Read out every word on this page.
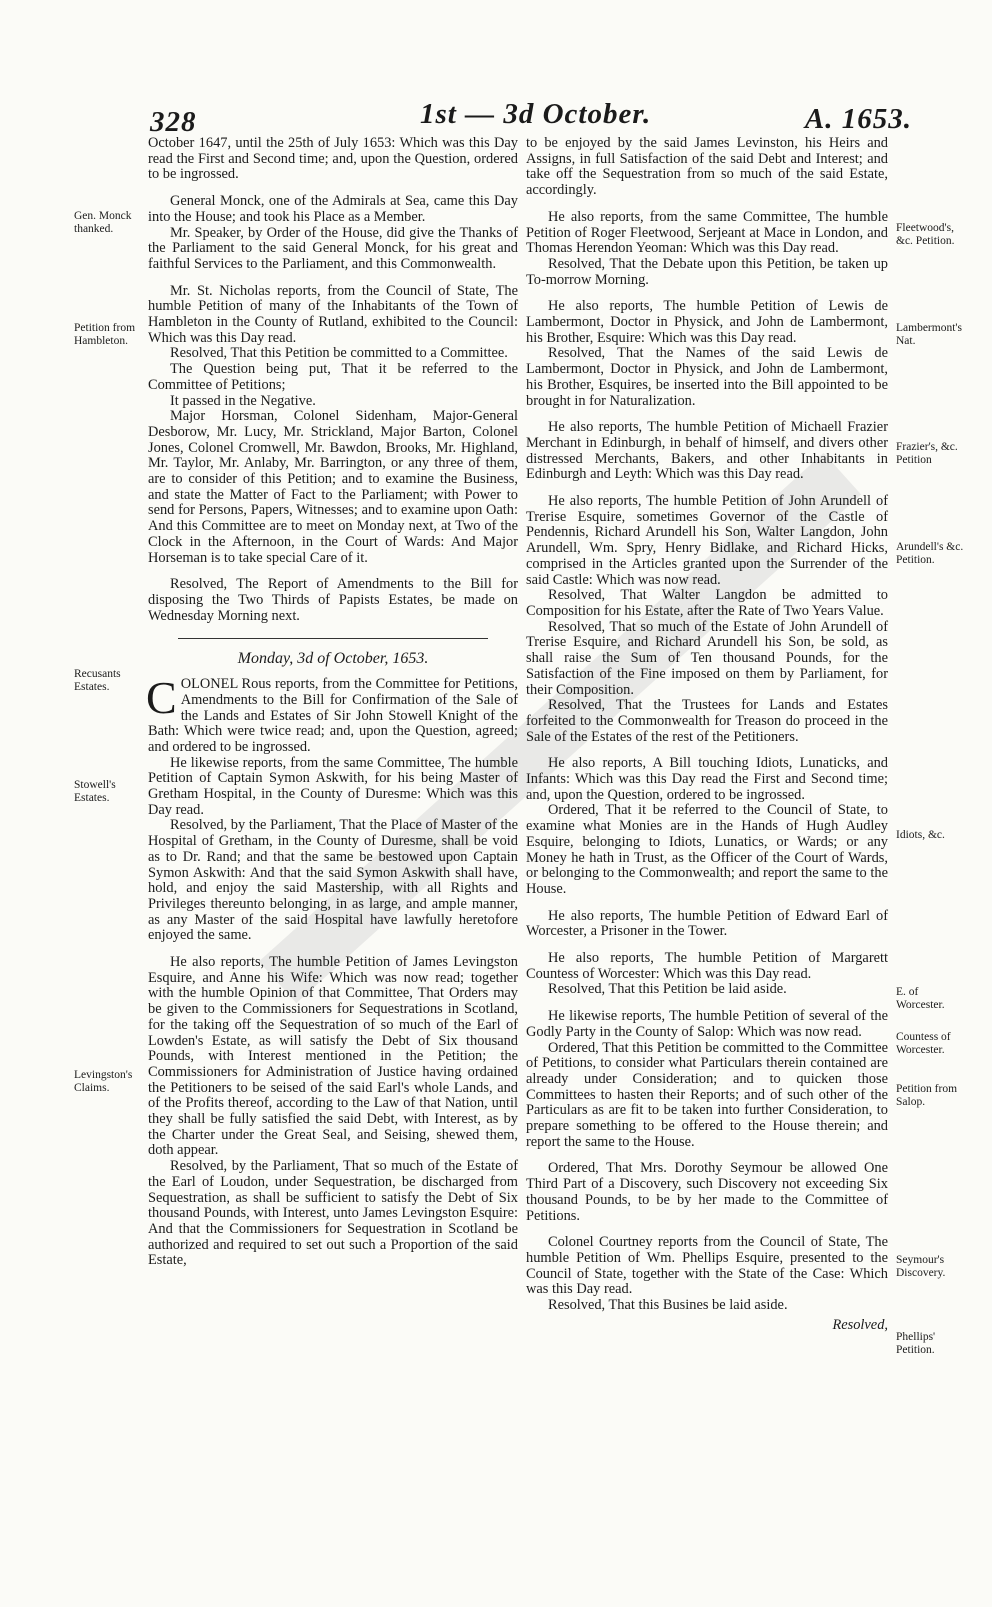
328	1st — 3d October.	A. 1653.
Gen. Monck thanked.
Petition from Hambleton.
Recusants Estates.
Stowell's Estates.
Levingston's Claims.
Fleetwood's, &c. Petition.
Lambermont's Nat.
Frazier's, &c. Petition
Arundell's &c. Petition.
Idiots, &c.
E. of Worcester.
Countess of Worcester.
Petition from Salop.
Seymour's Discovery.
Phellips' Petition.

October 1647, until the 25th of July 1653: Which was this Day read the First and Second time; and, upon the Question, ordered to be ingrossed.

General Monck, one of the Admirals at Sea, came this Day into the House; and took his Place as a Member.

Mr. Speaker, by Order of the House, did give the Thanks of the Parliament to the said General Monck, for his great and faithful Services to the Parliament, and this Commonwealth.

Mr. St. Nicholas reports, from the Council of State, The humble Petition of many of the Inhabitants of the Town of Hambleton in the County of Rutland, exhibited to the Council: Which was this Day read.

Resolved, That this Petition be committed to a Committee.

The Question being put, That it be referred to the Committee of Petitions;

It passed in the Negative.

Major Horsman, Colonel Sidenham, Major-General Desborow, Mr. Lucy, Mr. Strickland, Major Barton, Colonel Jones, Colonel Cromwell, Mr. Bawdon, Brooks, Mr. Highland, Mr. Taylor, Mr. Anlaby, Mr. Barrington, or any three of them, are to consider of this Petition; and to examine the Business, and state the Matter of Fact to the Parliament; with Power to send for Persons, Papers, Witnesses; and to examine upon Oath: And this Committee are to meet on Monday next, at Two of the Clock in the Afternoon, in the Court of Wards: And Major Horseman is to take special Care of it.

Resolved, The Report of Amendments to the Bill for disposing the Two Thirds of Papists Estates, be made on Wednesday Morning next.

Monday, 3d of October, 1653.

COLONEL Rous reports, from the Committee for Petitions, Amendments to the Bill for Confirmation of the Sale of the Lands and Estates of Sir John Stowell Knight of the Bath: Which were twice read; and, upon the Question, agreed; and ordered to be ingrossed.

He likewise reports, from the same Committee, The humble Petition of Captain Symon Askwith, for his being Master of Gretham Hospital, in the County of Duresme: Which was this Day read.

Resolved, by the Parliament, That the Place of Master of the Hospital of Gretham, in the County of Duresme, shall be void as to Dr. Rand; and that the same be bestowed upon Captain Symon Askwith: And that the said Symon Askwith shall have, hold, and enjoy the said Mastership, with all Rights and Privileges thereunto belonging, in as large, and ample manner, as any Master of the said Hospital have lawfully heretofore enjoyed the same.

He also reports, The humble Petition of James Levingston Esquire, and Anne his Wife: Which was now read; together with the humble Opinion of that Committee, That Orders may be given to the Commissioners for Sequestrations in Scotland, for the taking off the Sequestration of so much of the Earl of Lowden's Estate, as will satisfy the Debt of Six thousand Pounds, with Interest mentioned in the Petition; the Commissioners for Administration of Justice having ordained the Petitioners to be seised of the said Earl's whole Lands, and of the Profits thereof, according to the Law of that Nation, until they shall be fully satisfied the said Debt, with Interest, as by the Charter under the Great Seal, and Seising, shewed them, doth appear.

Resolved, by the Parliament, That so much of the Estate of the Earl of Loudon, under Sequestration, be discharged from Sequestration, as shall be sufficient to satisfy the Debt of Six thousand Pounds, with Interest, unto James Levingston Esquire: And that the Commissioners for Sequestration in Scotland be authorized and required to set out such a Proportion of the said Estate,

to be enjoyed by the said James Levinston, his Heirs and Assigns, in full Satisfaction of the said Debt and Interest; and take off the Sequestration from so much of the said Estate, accordingly.

He also reports, from the same Committee, The humble Petition of Roger Fleetwood, Serjeant at Mace in London, and Thomas Herendon Yeoman: Which was this Day read.

Resolved, That the Debate upon this Petition, be taken up To-morrow Morning.

He also reports, The humble Petition of Lewis de Lambermont, Doctor in Physick, and John de Lambermont, his Brother, Esquire: Which was this Day read.

Resolved, That the Names of the said Lewis de Lambermont, Doctor in Physick, and John de Lambermont, his Brother, Esquires, be inserted into the Bill appointed to be brought in for Naturalization.

He also reports, The humble Petition of Michaell Frazier Merchant in Edinburgh, in behalf of himself, and divers other distressed Merchants, Bakers, and other Inhabitants in Edinburgh and Leyth: Which was this Day read.

He also reports, The humble Petition of John Arundell of Trerise Esquire, sometimes Governor of the Castle of Pendennis, Richard Arundell his Son, Walter Langdon, John Arundell, Wm. Spry, Henry Bidlake, and Richard Hicks, comprised in the Articles granted upon the Surrender of the said Castle: Which was now read.

Resolved, That Walter Langdon be admitted to Composition for his Estate, after the Rate of Two Years Value.

Resolved, That so much of the Estate of John Arundell of Trerise Esquire, and Richard Arundell his Son, be sold, as shall raise the Sum of Ten thousand Pounds, for the Satisfaction of the Fine imposed on them by Parliament, for their Composition.

Resolved, That the Trustees for Lands and Estates forfeited to the Commonwealth for Treason do proceed in the Sale of the Estates of the rest of the Petitioners.

He also reports, A Bill touching Idiots, Lunaticks, and Infants: Which was this Day read the First and Second time; and, upon the Question, ordered to be ingrossed.

Ordered, That it be referred to the Council of State, to examine what Monies are in the Hands of Hugh Audley Esquire, belonging to Idiots, Lunatics, or Wards; or any Money he hath in Trust, as the Officer of the Court of Wards, or belonging to the Commonwealth; and report the same to the House.

He also reports, The humble Petition of Edward Earl of Worcester, a Prisoner in the Tower.

He also reports, The humble Petition of Margarett Countess of Worcester: Which was this Day read.

Resolved, That this Petition be laid aside.

He likewise reports, The humble Petition of several of the Godly Party in the County of Salop: Which was now read.

Ordered, That this Petition be committed to the Committee of Petitions, to consider what Particulars therein contained are already under Consideration; and to quicken those Committees to hasten their Reports; and of such other of the Particulars as are fit to be taken into further Consideration, to prepare something to be offered to the House therein; and report the same to the House.

Ordered, That Mrs. Dorothy Seymour be allowed One Third Part of a Discovery, such Discovery not exceeding Six thousand Pounds, to be by her made to the Committee of Petitions.

Colonel Courtney reports from the Council of State, The humble Petition of Wm. Phellips Esquire, presented to the Council of State, together with the State of the Case: Which was this Day read.

Resolved, That this Busines be laid aside.

Resolved,
